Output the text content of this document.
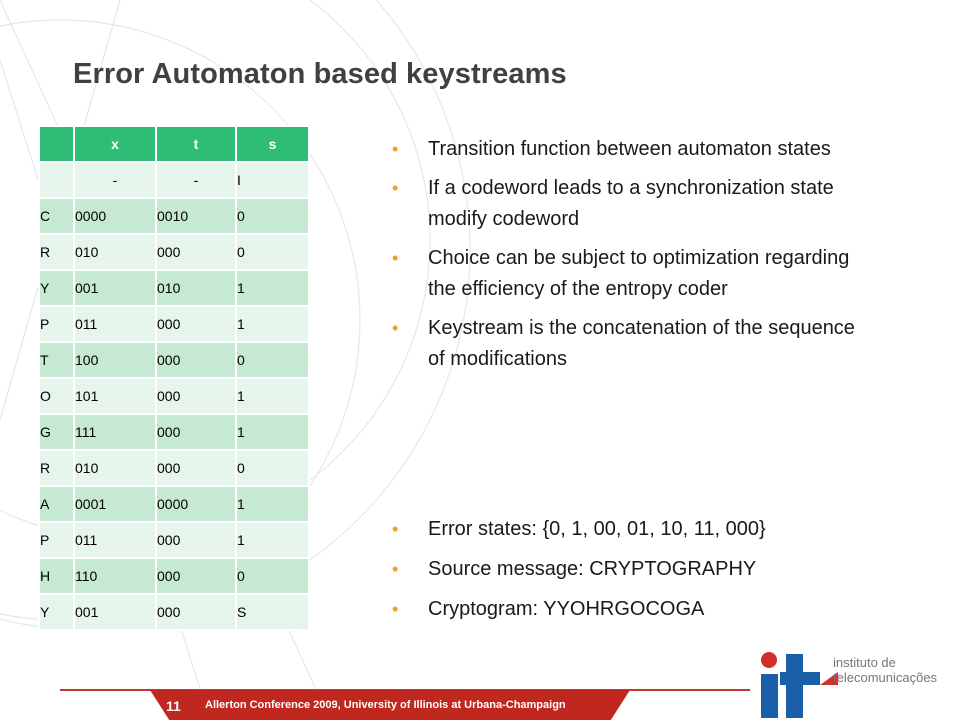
Error Automaton based keystreams
	x	t	s
	-	-	I
C	0000	0010	0
R	010	000	0
Y	001	010	1
P	011	000	1
T	100	000	0
O	101	000	1
G	111	000	1
R	010	000	0
A	0001	0000	1
P	011	000	1
H	110	000	0
Y	001	000	S
• Transition function between automaton states
• If a codeword leads to a synchronization state modify codeword
• Choice can be subject to optimization regarding the efficiency of the entropy coder
• Keystream is the concatenation of the sequence of modifications
• Error states: {0, 1, 00, 01, 10, 11, 000}
• Source message: CRYPTOGRAPHY
• Cryptogram: YYOHRGOCOGA
11 Allerton Conference 2009, University of Illinois at Urbana-Champaign
instituto de
telecomunicações
